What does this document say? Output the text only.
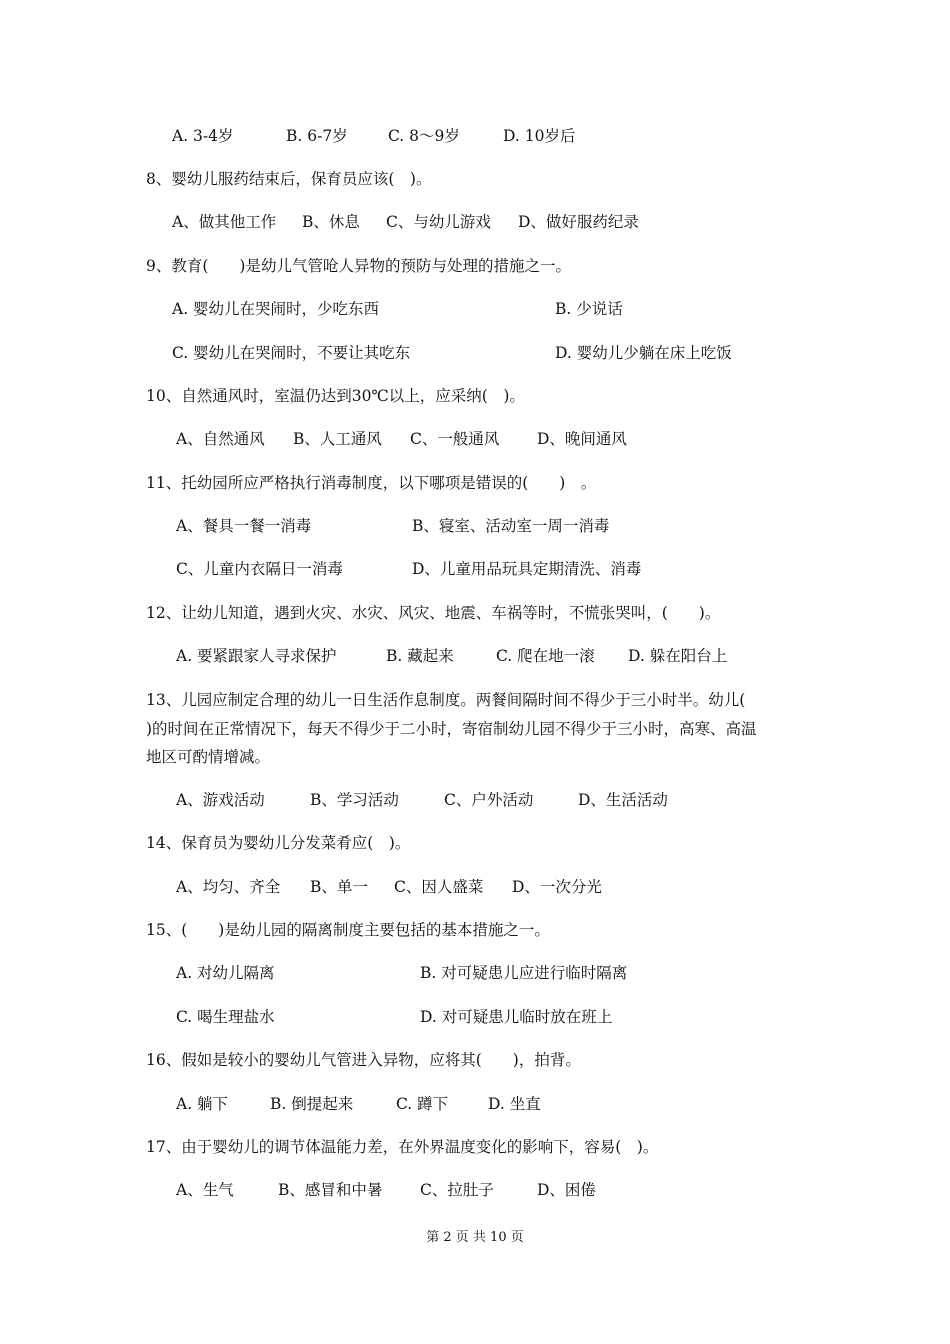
A. 3-4岁	B. 6-7岁	C. 8～9岁	D. 10岁后
8、婴幼儿服药结束后，保育员应该(　)。
A、做其他工作 B、休息 C、与幼儿游戏 D、做好服药纪录
9、教育(　　)是幼儿气管呛人异物的预防与处理的措施之一。
A. 婴幼儿在哭闹时，少吃东西	B. 少说话
C. 婴幼儿在哭闹时，不要让其吃东	D. 婴幼儿少躺在床上吃饭
10、自然通风时，室温仍达到30℃以上，应采纳(　)。
A、自然通风 B、人工通风 C、一般通风 D、晚间通风
11、托幼园所应严格执行消毒制度，以下哪项是错误的(　　)　。
A、餐具一餐一消毒	B、寝室、活动室一周一消毒
C、儿童内衣隔日一消毒	D、儿童用品玩具定期清洗、消毒
12、让幼儿知道，遇到火灾、水灾、风灾、地震、车祸等时，不慌张哭叫，(　　)。
A. 要紧跟家人寻求保护	B. 藏起来	C. 爬在地一滚 D. 躲在阳台上
13、儿园应制定合理的幼儿一日生活作息制度。两餐间隔时间不得少于三小时半。幼儿(
)的时间在正常情况下，每天不得少于二小时，寄宿制幼儿园不得少于三小时，高寒、高温
地区可酌情增减。
A、游戏活动	B、学习活动	C、户外活动	D、生活活动
14、保育员为婴幼儿分发菜肴应(　)。
A、均匀、齐全 B、单一 C、因人盛菜 D、一次分光
15、(　　)是幼儿园的隔离制度主要包括的基本措施之一。
A. 对幼儿隔离	B. 对可疑患儿应进行临时隔离
C. 喝生理盐水	D. 对可疑患儿临时放在班上
16、假如是较小的婴幼儿气管进入异物，应将其(　　)，拍背。
A. 躺下	B. 倒提起来	C. 蹲下	D. 坐直
17、由于婴幼儿的调节体温能力差，在外界温度变化的影响下，容易(　)。
A、生气	B、感冒和中暑 C、拉肚子	D、困倦
第 2 页 共 10 页
